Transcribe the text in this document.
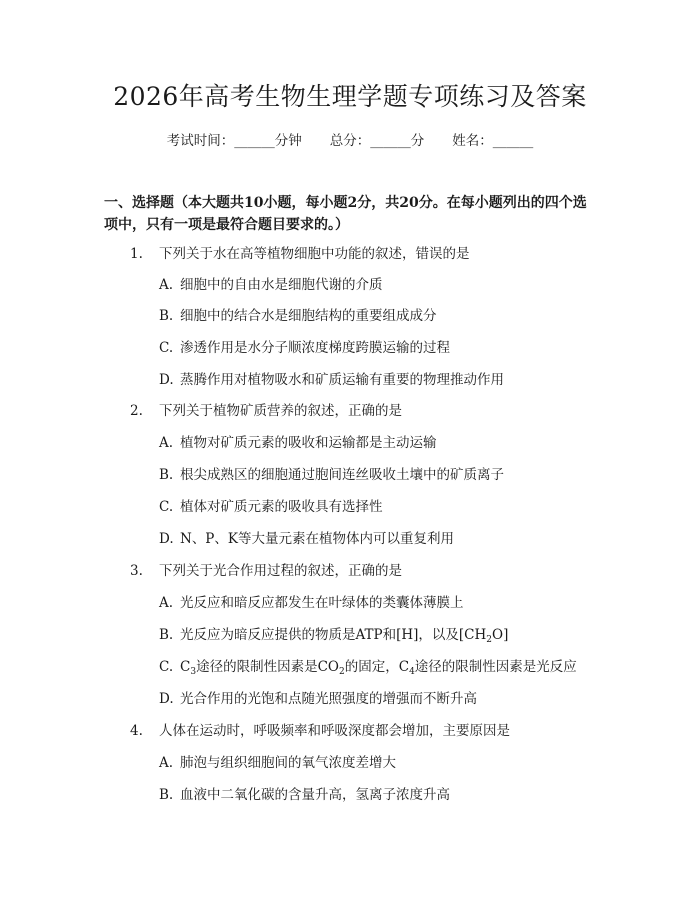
2026年高考生物生理学题专项练习及答案
考试时间： ______ 分钟 总分： ______ 分 姓名： ______
一、选择题（本大题共10小题，每小题2分，共20分。在每小题列出的四个选
项中，只有一项是最符合题目要求的。）
1. 下列关于水在高等植物细胞中功能的叙述，错误的是
A. 细胞中的自由水是细胞代谢的介质
B. 细胞中的结合水是细胞结构的重要组成成分
C. 渗透作用是水分子顺浓度梯度跨膜运输的过程
D. 蒸腾作用对植物吸水和矿质运输有重要的物理推动作用
2. 下列关于植物矿质营养的叙述，正确的是
A. 植物对矿质元素的吸收和运输都是主动运输
B. 根尖成熟区的细胞通过胞间连丝吸收土壤中的矿质离子
C. 植体对矿质元素的吸收具有选择性
D. N、P、K等大量元素在植物体内可以重复利用
3. 下列关于光合作用过程的叙述，正确的是
A. 光反应和暗反应都发生在叶绿体的类囊体薄膜上
B. 光反应为暗反应提供的物质是ATP和[H]，以及$[CH_2O]$
C. $C_3$途径的限制性因素是$CO_2$的固定，$C_4$途径的限制性因素是光反应
D. 光合作用的光饱和点随光照强度的增强而不断升高
4. 人体在运动时，呼吸频率和呼吸深度都会增加，主要原因是
A. 肺泡与组织细胞间的氧气浓度差增大
B. 血液中二氧化碳的含量升高，氢离子浓度升高
